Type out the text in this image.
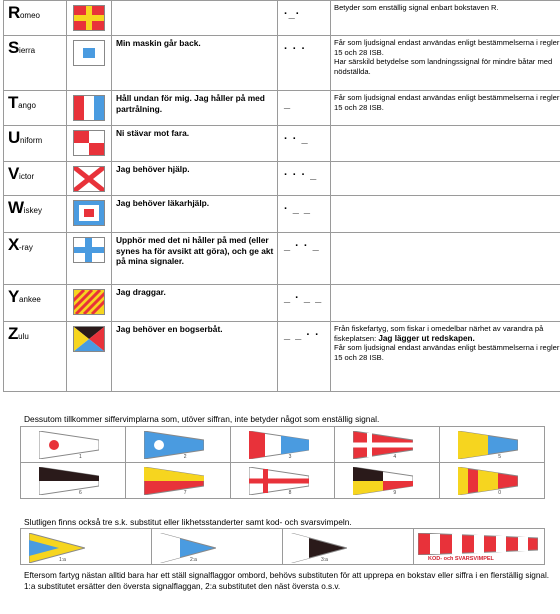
Romeo			·_·	Betyder som enställig signal enbart bokstaven R.

Sierra		Min maskin går back.	· · ·	Får som ljudsignal endast användas enligt bestämmelserna i regler 15 och 28 ISB.
Har särskild betydelse som landningssignal för mindre båtar med nödställda.

Tango		Håll undan för mig. Jag håller på med partrålning.	_	Får som ljudsignal endast användas enligt bestämmelserna i regler 15 och 28 ISB.

Uniform		Ni stävar mot fara.	· · _	

Victor		Jag behöver hjälp.	· · · _	

Wiskey		Jag behöver läkarhjälp.	· _ _	

X-ray		Upphör med det ni håller på med (eller synes ha för avsikt att göra), och ge akt på mina signaler.	_ · · _	

Yankee		Jag draggar.	_ · _ _	

Zulu		Jag behöver en bogserbåt.	_ _ · ·	Från fiskefartyg, som fiskar i omedelbar närhet av varandra på fiskeplatsen: Jag lägger ut redskapen.
Får som ljudsignal endast användas enligt bestämmelserna i regler 15 och 28 ISB.
Dessutom tillkommer siffervimplarna som, utöver siffran, inte betyder något som enställig signal.
1	2	3	4	5

6	7	8	9	0
Slutligen finns också tre s.k. substitut eller likhetsstanderter samt kod- och svarsvimpeln.
1:a	2:a	3:a	KOD- och SVARSVIMPEL
Eftersom fartyg nästan alltid bara har ett ställ signalflaggor ombord, behövs substituten för att upprepa en bokstav eller siffra i en flerställig signal. 1:a substitutet ersätter den översta signalflaggan, 2:a substitutet den näst översta o.s.v.
